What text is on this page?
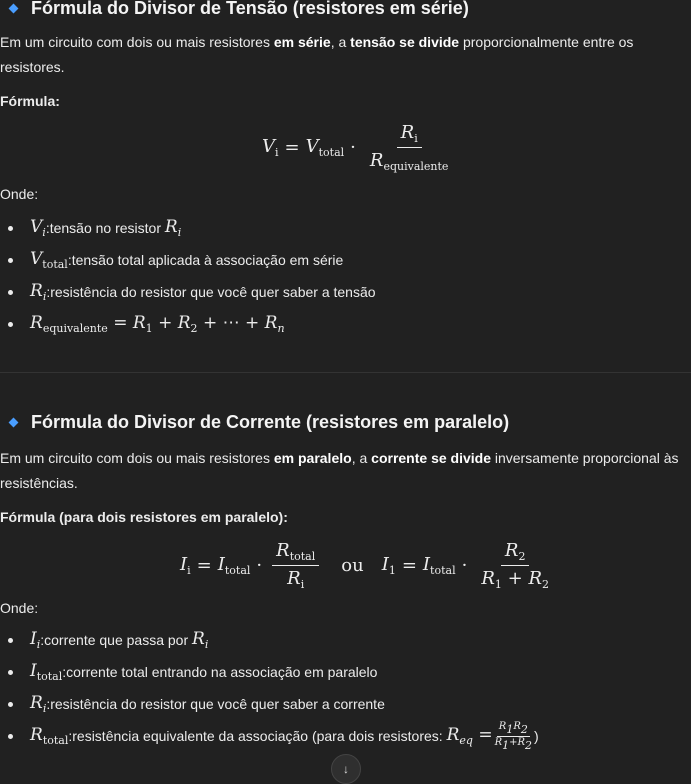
Fórmula do Divisor de Tensão (resistores em série)
Em um circuito com dois ou mais resistores em série, a tensão se divide proporcionalmente entre os resistores.
Fórmula:
$V_i = V_{total} \cdot \frac{R_i}{R_{equivalente}}$
Onde:
$V_i$ : tensão no resistor
$R_i$
$V_{total}$ : tensão total aplicada à associação em série
$R_i$ : resistência do resistor que você quer saber a tensão
$R_{equivalente} = R_1 + R_2$ + ⋯ + $R_n$
Fórmula do Divisor de Corrente (resistores em paralelo)
Em um circuito com dois ou mais resistores em paralelo, a corrente se divide inversamente proporcional às resistências.
Fórmula (para dois resistores em paralelo):
$I_i = I_{total} \cdot \frac{R_{total}}{R_i}$ ou $I_1 = I_{total} \cdot \frac{R_2}{R_1 + R_2}$
Onde:
$I_i$ : corrente que passa por
$R_i$
$I_{total}$ : corrente total entrando na associação em paralelo
$R_i$ : resistência do resistor que você quer saber a corrente
$R_{total}$ : resistência equivalente da associação (para dois resistores:
$R_{eq} = \frac{R_1R_2}{R_1+R_2}$ )
↓
